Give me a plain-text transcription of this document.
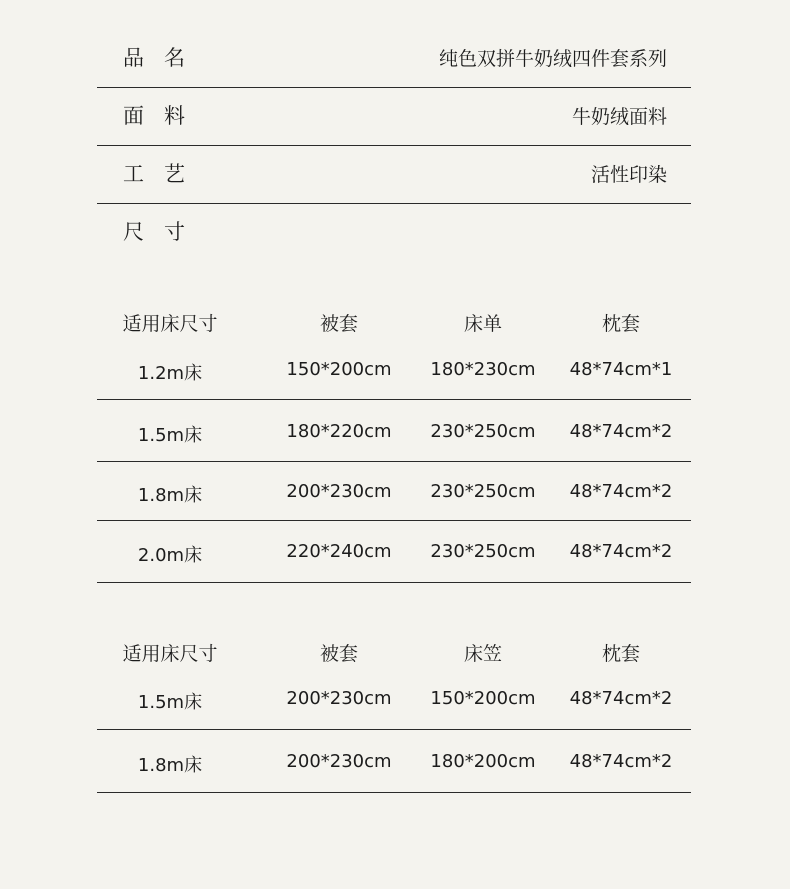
品名	纯色双拼牛奶绒四件套系列
面料	牛奶绒面料
工艺	活性印染
尺寸
适用床尺寸	被套	床单	枕套
1.2m床	150*200cm 180*230cm 48*74cm*1
1.5m床	180*220cm 230*250cm 48*74cm*2
1.8m床	200*230cm 230*250cm 48*74cm*2
2.0m床	220*240cm 230*250cm 48*74cm*2
适用床尺寸	被套	床笠	枕套
1.5m床	200*230cm 150*200cm 48*74cm*2
1.8m床	200*230cm 180*200cm 48*74cm*2
